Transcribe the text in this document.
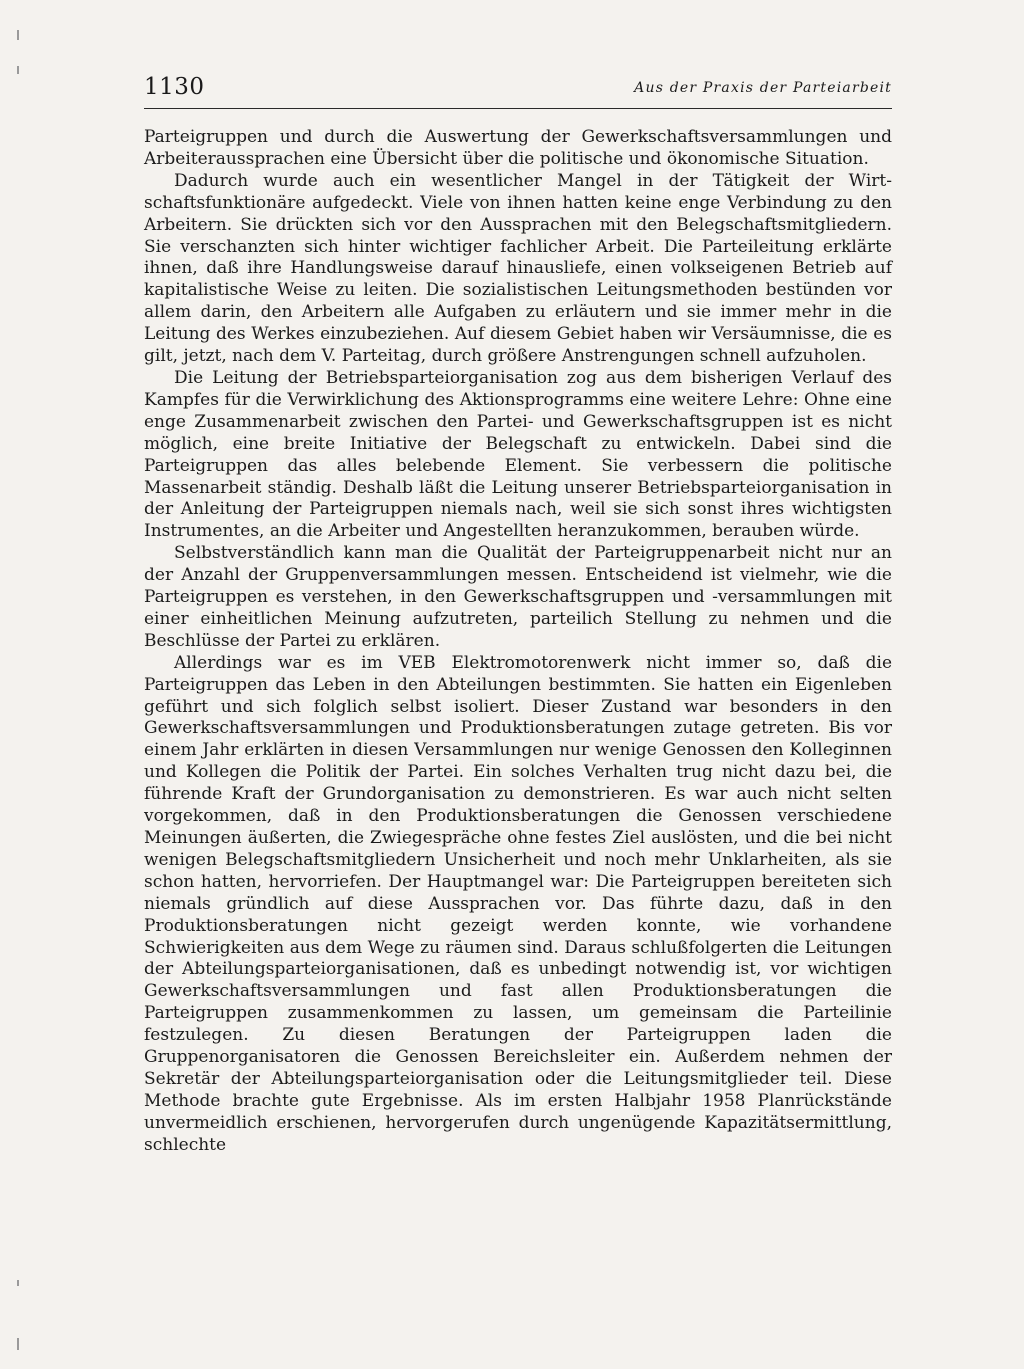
1130	Aus der Praxis der Parteiarbeit

Parteigruppen und durch die Auswertung der Gewerkschaftsversammlungen und Arbeiteraussprachen eine Übersicht über die politische und ökonomische Situation.

Dadurch wurde auch ein wesentlicher Mangel in der Tätigkeit der Wirtschaftsfunktionäre aufgedeckt. Viele von ihnen hatten keine enge Verbindung zu den Arbeitern. Sie drückten sich vor den Aussprachen mit den Belegschaftsmitgliedern. Sie verschanzten sich hinter wichtiger fachlicher Arbeit. Die Parteileitung erklärte ihnen, daß ihre Handlungsweise darauf hinausliefe, einen volkseigenen Betrieb auf kapitalistische Weise zu leiten. Die sozialistischen Leitungsmethoden bestünden vor allem darin, den Arbeitern alle Aufgaben zu erläutern und sie immer mehr in die Leitung des Werkes einzubeziehen. Auf diesem Gebiet haben wir Versäumnisse, die es gilt, jetzt, nach dem V. Parteitag, durch größere Anstrengungen schnell aufzuholen.

Die Leitung der Betriebsparteiorganisation zog aus dem bisherigen Verlauf des Kampfes für die Verwirklichung des Aktionsprogramms eine weitere Lehre: Ohne eine enge Zusammenarbeit zwischen den Partei- und Gewerkschaftsgruppen ist es nicht möglich, eine breite Initiative der Belegschaft zu entwickeln. Dabei sind die Parteigruppen das alles belebende Element. Sie verbessern die politische Massenarbeit ständig. Deshalb läßt die Leitung unserer Betriebsparteiorganisation in der Anleitung der Parteigruppen niemals nach, weil sie sich sonst ihres wichtigsten Instrumentes, an die Arbeiter und Angestellten heranzukommen, berauben würde.

Selbstverständlich kann man die Qualität der Parteigruppenarbeit nicht nur an der Anzahl der Gruppenversammlungen messen. Entscheidend ist vielmehr, wie die Parteigruppen es verstehen, in den Gewerkschaftsgruppen und -versammlungen mit einer einheitlichen Meinung aufzutreten, parteilich Stellung zu nehmen und die Beschlüsse der Partei zu erklären.

Allerdings war es im VEB Elektromotorenwerk nicht immer so, daß die Parteigruppen das Leben in den Abteilungen bestimmten. Sie hatten ein Eigenleben geführt und sich folglich selbst isoliert. Dieser Zustand war besonders in den Gewerkschaftsversammlungen und Produktionsberatungen zutage getreten. Bis vor einem Jahr erklärten in diesen Versammlungen nur wenige Genossen den Kolleginnen und Kollegen die Politik der Partei. Ein solches Verhalten trug nicht dazu bei, die führende Kraft der Grundorganisation zu demonstrieren. Es war auch nicht selten vorgekommen, daß in den Produktionsberatungen die Genossen verschiedene Meinungen äußerten, die Zwiegespräche ohne festes Ziel auslösten, und die bei nicht wenigen Belegschaftsmitgliedern Unsicherheit und noch mehr Unklarheiten, als sie schon hatten, hervorriefen. Der Hauptmangel war: Die Parteigruppen bereiteten sich niemals gründlich auf diese Aussprachen vor. Das führte dazu, daß in den Produktionsberatungen nicht gezeigt werden konnte, wie vorhandene Schwierigkeiten aus dem Wege zu räumen sind. Daraus schlußfolgerten die Leitungen der Abteilungsparteiorganisationen, daß es unbedingt notwendig ist, vor wichtigen Gewerkschaftsversammlungen und fast allen Produktionsberatungen die Parteigruppen zusammenkommen zu lassen, um gemeinsam die Parteilinie festzulegen. Zu diesen Beratungen der Parteigruppen laden die Gruppenorganisatoren die Genossen Bereichsleiter ein. Außerdem nehmen der Sekretär der Abteilungsparteiorganisation oder die Leitungsmitglieder teil. Diese Methode brachte gute Ergebnisse. Als im ersten Halbjahr 1958 Planrückstände unvermeidlich erschienen, hervorgerufen durch ungenügende Kapazitätsermittlung, schlechte
